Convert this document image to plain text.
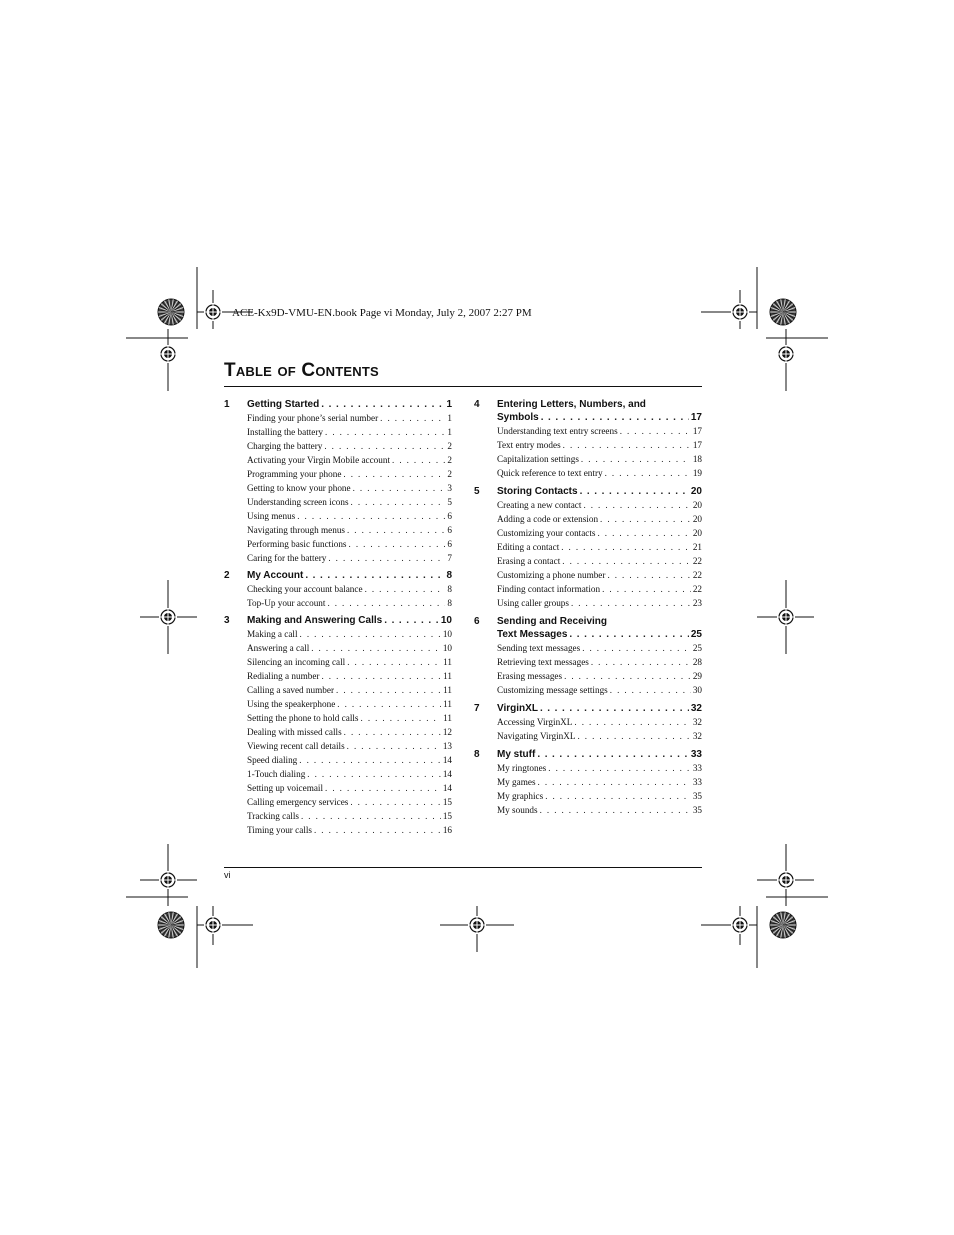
ACE-Kx9D-VMU-EN.book Page vi Monday, July 2, 2007 2:27 PM
Table of Contents
1	Getting Started . . .	1
Finding your phone’s serial number . . .	1
Installing the battery . . .	1
Charging the battery . . .	2
Activating your Virgin Mobile account . . .	2
Programming your phone . . .	2
Getting to know your phone . . .	3
Understanding screen icons . . .	5
Using menus . . .	6
Navigating through menus . . .	6
Performing basic functions . . .	6
Caring for the battery . . .	7
2	My Account . . .	8
Checking your account balance . . .	8
Top-Up your account . . .	8
3	Making and Answering Calls . . .	10
Making a call . . .	10
Answering a call . . .	10
Silencing an incoming call . . .	11
Redialing a number . . .	11
Calling a saved number . . .	11
Using the speakerphone . . .	11
Setting the phone to hold calls . . .	11
Dealing with missed calls . . .	12
Viewing recent call details . . .	13
Speed dialing . . .	14
1-Touch dialing . . .	14
Setting up voicemail . . .	14
Calling emergency services . . .	15
Tracking calls . . .	15
Timing your calls . . .	16
4	Entering Letters, Numbers, and
Symbols . . .	17
Understanding text entry screens . . .	17
Text entry modes . . .	17
Capitalization settings . . .	18
Quick reference to text entry . . .	19
5	Storing Contacts . . .	20
Creating a new contact . . .	20
Adding a code or extension . . .	20
Customizing your contacts . . .	20
Editing a contact . . .	21
Erasing a contact . . .	22
Customizing a phone number . . .	22
Finding contact information . . .	22
Using caller groups . . .	23
6	Sending and Receiving
Text Messages . . .	25
Sending text messages . . .	25
Retrieving text messages . . .	28
Erasing messages . . .	29
Customizing message settings . . .	30
7	VirginXL . . .	32
Accessing VirginXL . . .	32
Navigating VirginXL . . .	32
8	My stuff . . .	33
My ringtones . . .	33
My games . . .	33
My graphics . . .	35
My sounds . . .	35
vi
